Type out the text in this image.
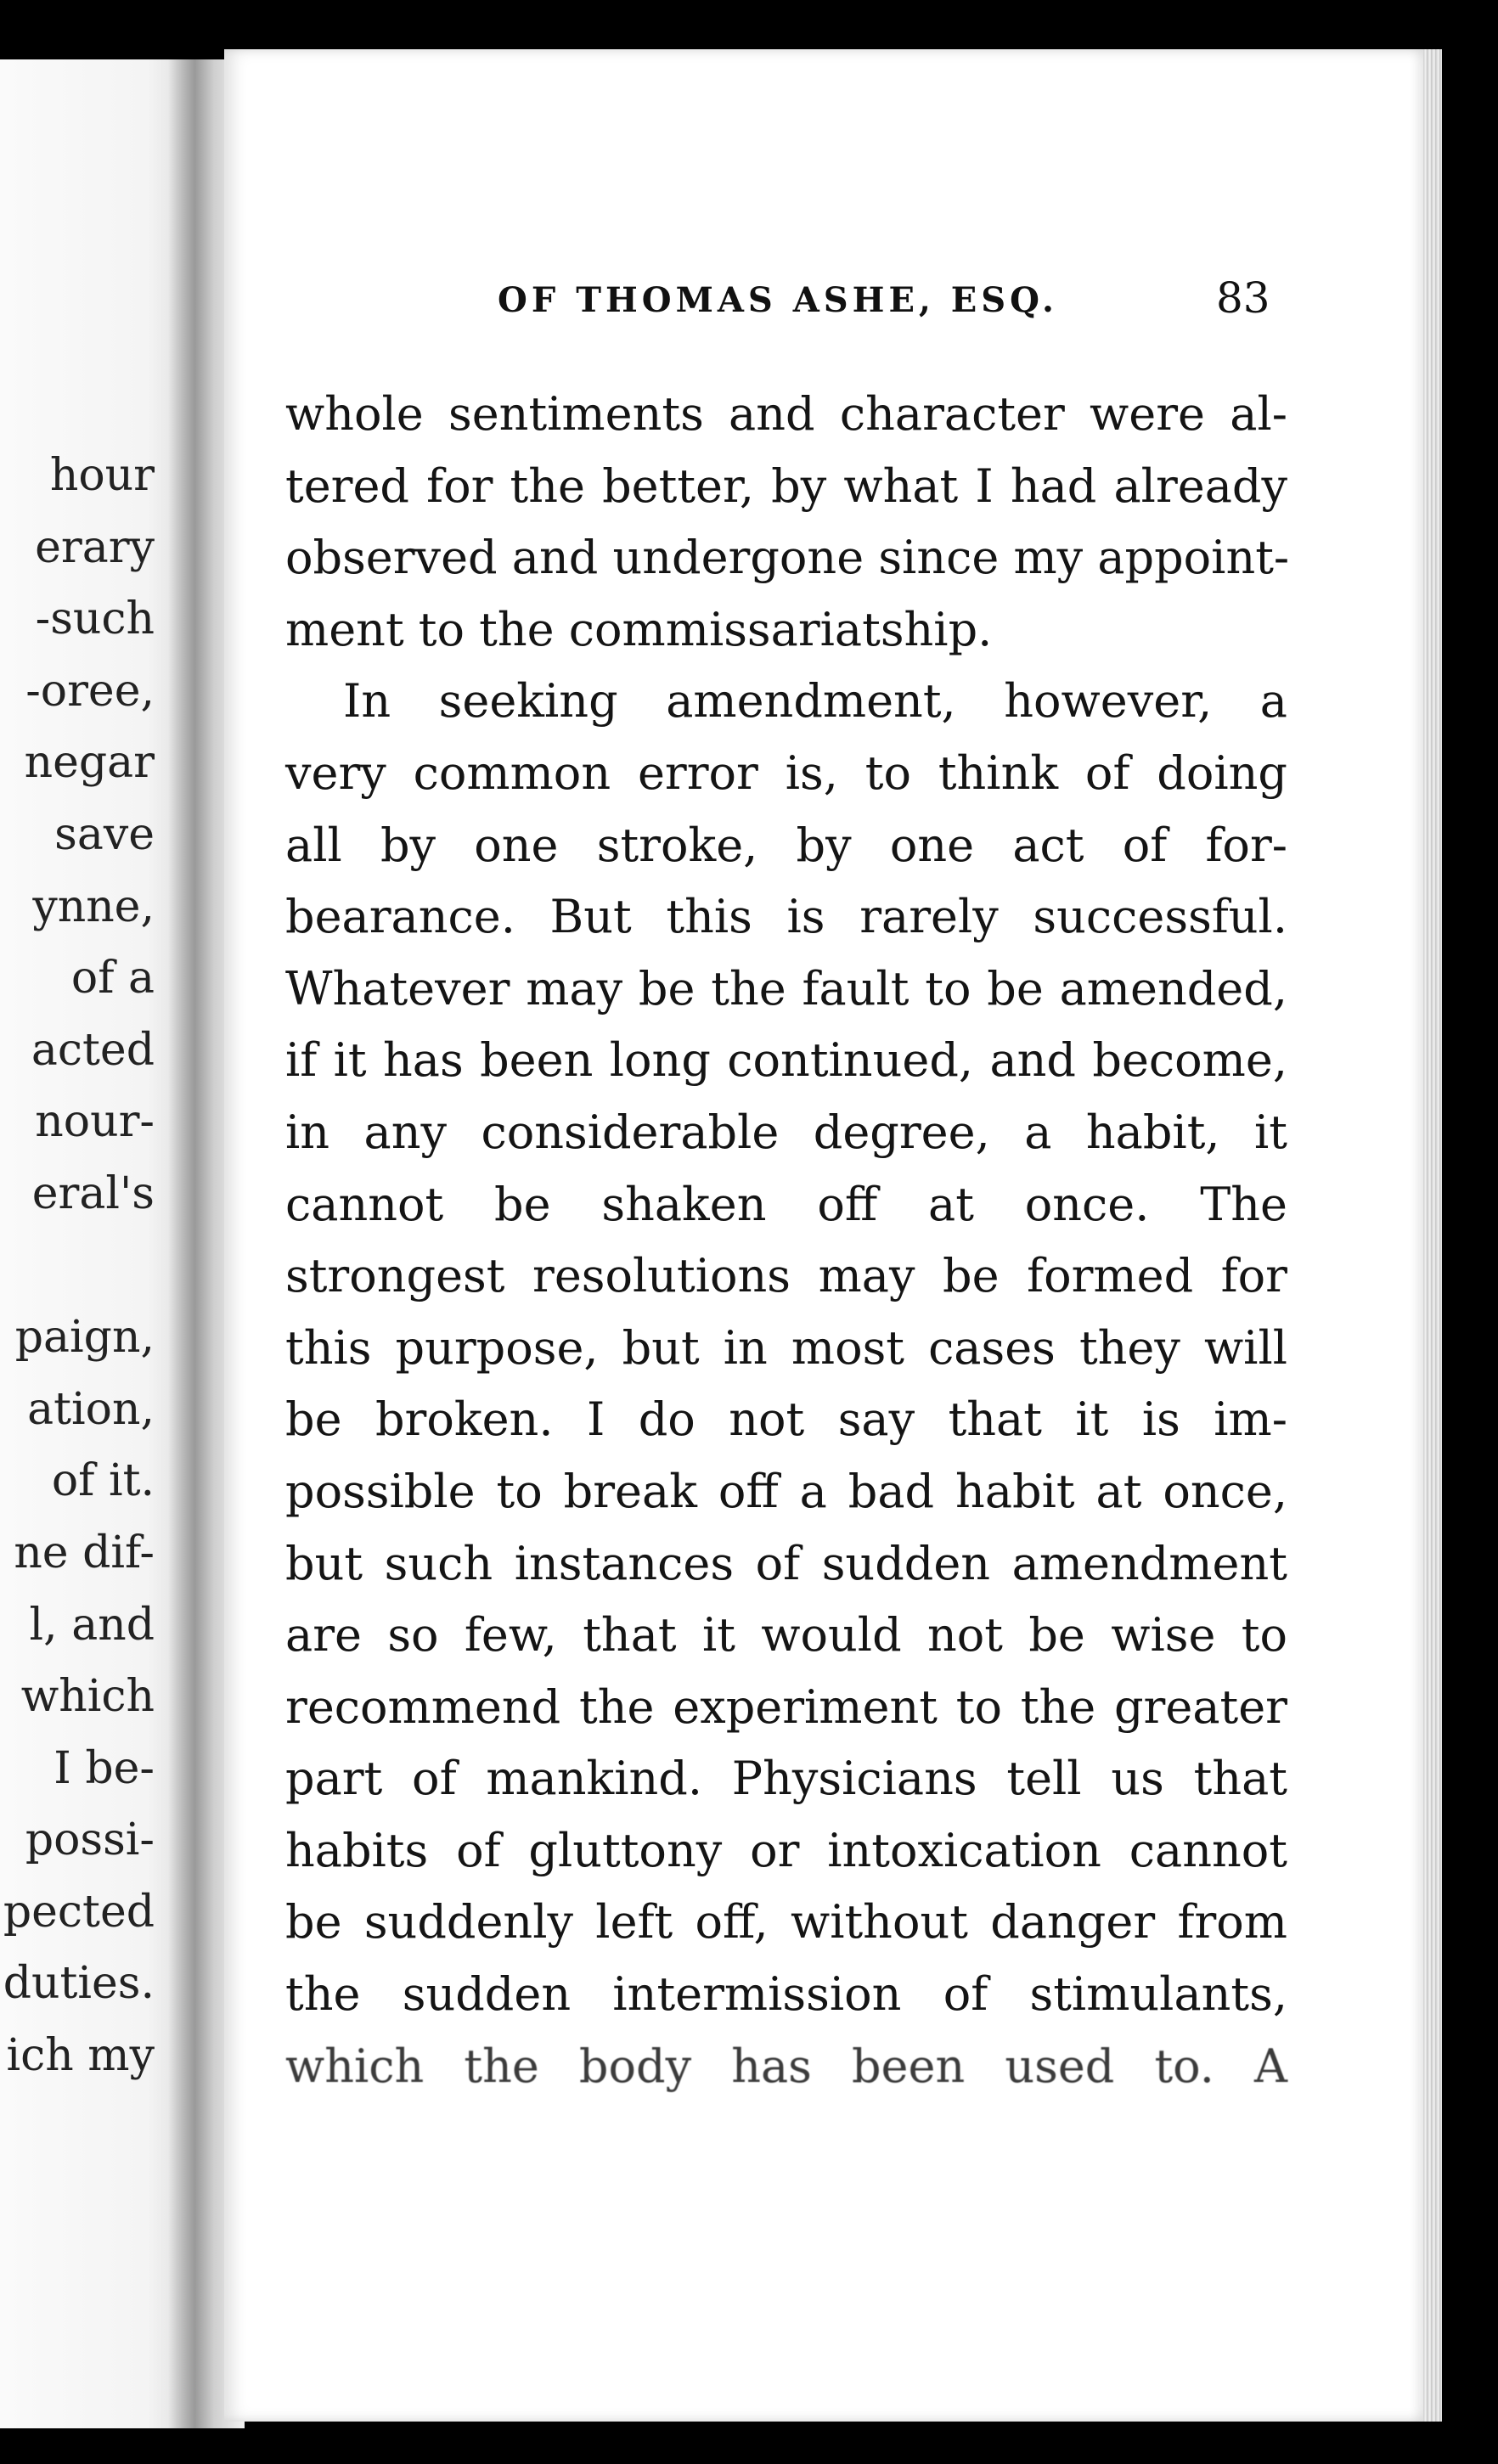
hour
erary
-such
-oree,
negar
save
ynne,
of a
acted
nour-
eral's
paign,
ation,
of it.
ne dif-
l, and
which
I be-
possi-
pected
duties.
ich my
OF THOMAS ASHE, ESQ.	83
whole sentiments and character were al-
tered for the better, by what I had already
observed and undergone since my appoint-
ment to the commissariatship.
In seeking amendment, however, a
very common error is, to think of doing
all by one stroke, by one act of for-
bearance. But this is rarely successful.
Whatever may be the fault to be amended,
if it has been long continued, and become,
in any considerable degree, a habit, it
cannot be shaken off at once. The
strongest resolutions may be formed for
this purpose, but in most cases they will
be broken. I do not say that it is im-
possible to break off a bad habit at once,
but such instances of sudden amendment
are so few, that it would not be wise to
recommend the experiment to the greater
part of mankind. Physicians tell us that
habits of gluttony or intoxication cannot
be suddenly left off, without danger from
the sudden intermission of stimulants,
which the body has been used to. A
